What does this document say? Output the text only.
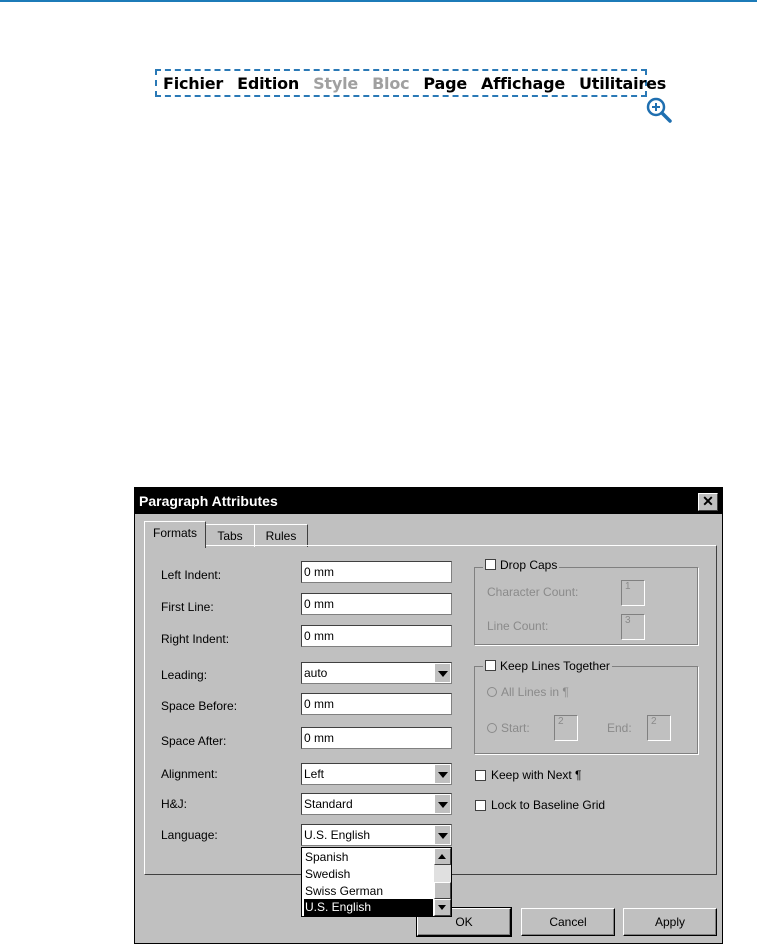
Fichier Edition Style Bloc Page Affichage Utilitaires
Paragraph Attributes	✕
Formats	Tabs	Rules
Left Indent:	0 mm
First Line:	0 mm
Right Indent:	0 mm
Leading:	auto
Space Before:	0 mm
Space After:	0 mm
Alignment:	Left
H&J:	Standard
Language:	U.S. English
Spanish
Swedish
Swiss German
U.S. English
Drop Caps
Character Count:	1
Line Count:	3
Keep Lines Together
All Lines in ¶
Start:	2	End:	2
Keep with Next ¶
Lock to Baseline Grid
OK	Cancel	Apply
